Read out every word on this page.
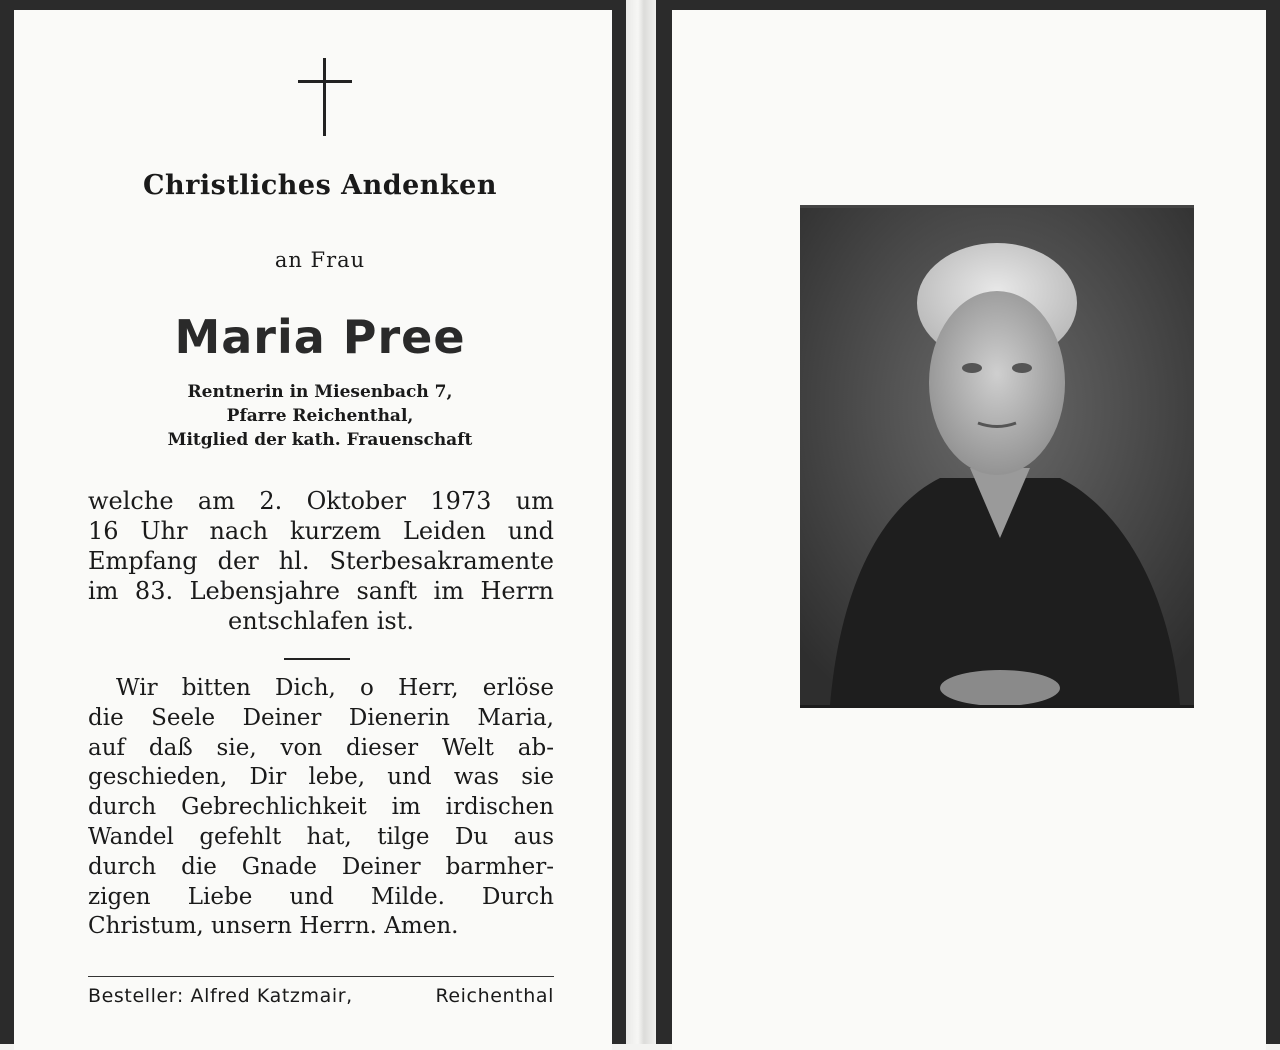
Christliches Andenken
an Frau
Maria Pree
Rentnerin in Miesenbach 7,
Pfarre Reichenthal,
Mitglied der kath. Frauenschaft
welche am 2. Oktober 1973 um
16 Uhr nach kurzem Leiden und
Empfang der hl. Sterbesakramente
im 83. Lebensjahre sanft im Herrn
entschlafen ist.
Wir bitten Dich, o Herr, erlöse
die Seele Deiner Dienerin Maria,
auf daß sie, von dieser Welt ab-
geschieden, Dir lebe, und was sie
durch Gebrechlichkeit im irdischen
Wandel gefehlt hat, tilge Du aus
durch die Gnade Deiner barmher-
zigen Liebe und Milde. Durch
Christum, unsern Herrn. Amen.
Besteller: Alfred Katzmair,	Reichenthal
